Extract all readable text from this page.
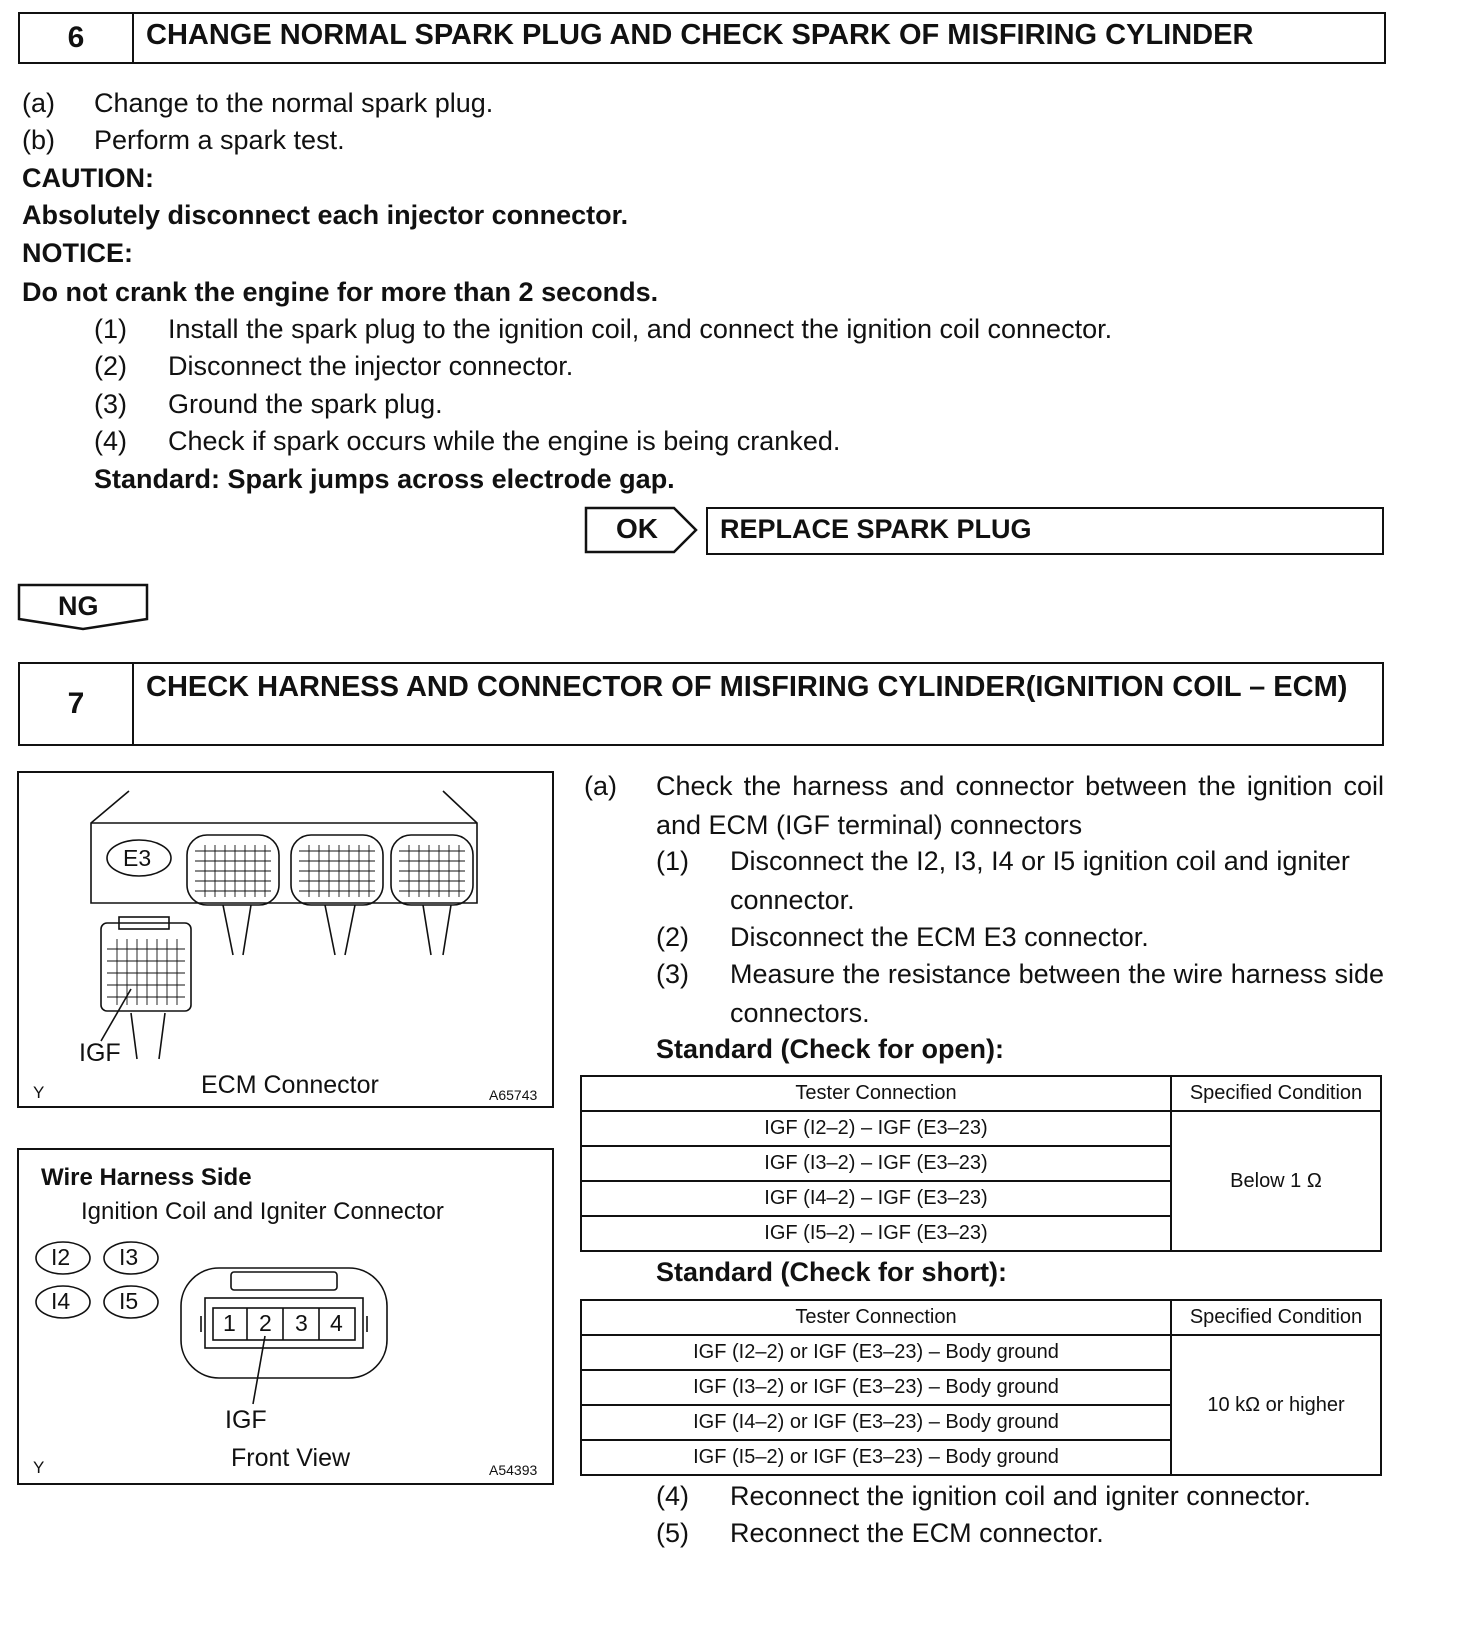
6	CHANGE NORMAL SPARK PLUG AND CHECK SPARK OF MISFIRING CYLINDER
(a) Change to the normal spark plug.
(b) Perform a spark test.
CAUTION:
Absolutely disconnect each injector connector.
NOTICE:
Do not crank the engine for more than 2 seconds.
(1) Install the spark plug to the ignition coil, and connect the ignition coil connector.
(2) Disconnect the injector connector.
(3) Ground the spark plug.
(4) Check if spark occurs while the engine is being cranked.
Standard: Spark jumps across electrode gap.
OK	REPLACE SPARK PLUG
NG
7	CHECK HARNESS AND CONNECTOR OF MISFIRING CYLINDER(IGNITION COIL – ECM)
E3
IGF
ECM Connector
Y	A65743
Wire Harness Side
Ignition Coil and Igniter Connector
I2 I3
I4 I5
1 2 3 4
IGF
Front View
Y	A54393
(a)	Check the harness and connector between the ignition coil and ECM (IGF terminal) connectors
(1)	Disconnect the I2, I3, I4 or I5 ignition coil and igniter connector.
(2)	Disconnect the ECM E3 connector.
(3)	Measure the resistance between the wire harness side connectors.
Standard (Check for open):
Tester Connection	Specified Condition
IGF (I2–2) – IGF (E3–23)	Below 1 Ω
IGF (I3–2) – IGF (E3–23)	
IGF (I4–2) – IGF (E3–23)	
IGF (I5–2) – IGF (E3–23)	
Standard (Check for short):
Tester Connection	Specified Condition
IGF (I2–2) or IGF (E3–23) – Body ground	10 kΩ or higher
IGF (I3–2) or IGF (E3–23) – Body ground	
IGF (I4–2) or IGF (E3–23) – Body ground	
IGF (I5–2) or IGF (E3–23) – Body ground	
(4) Reconnect the ignition coil and igniter connector.
(5) Reconnect the ECM connector.
